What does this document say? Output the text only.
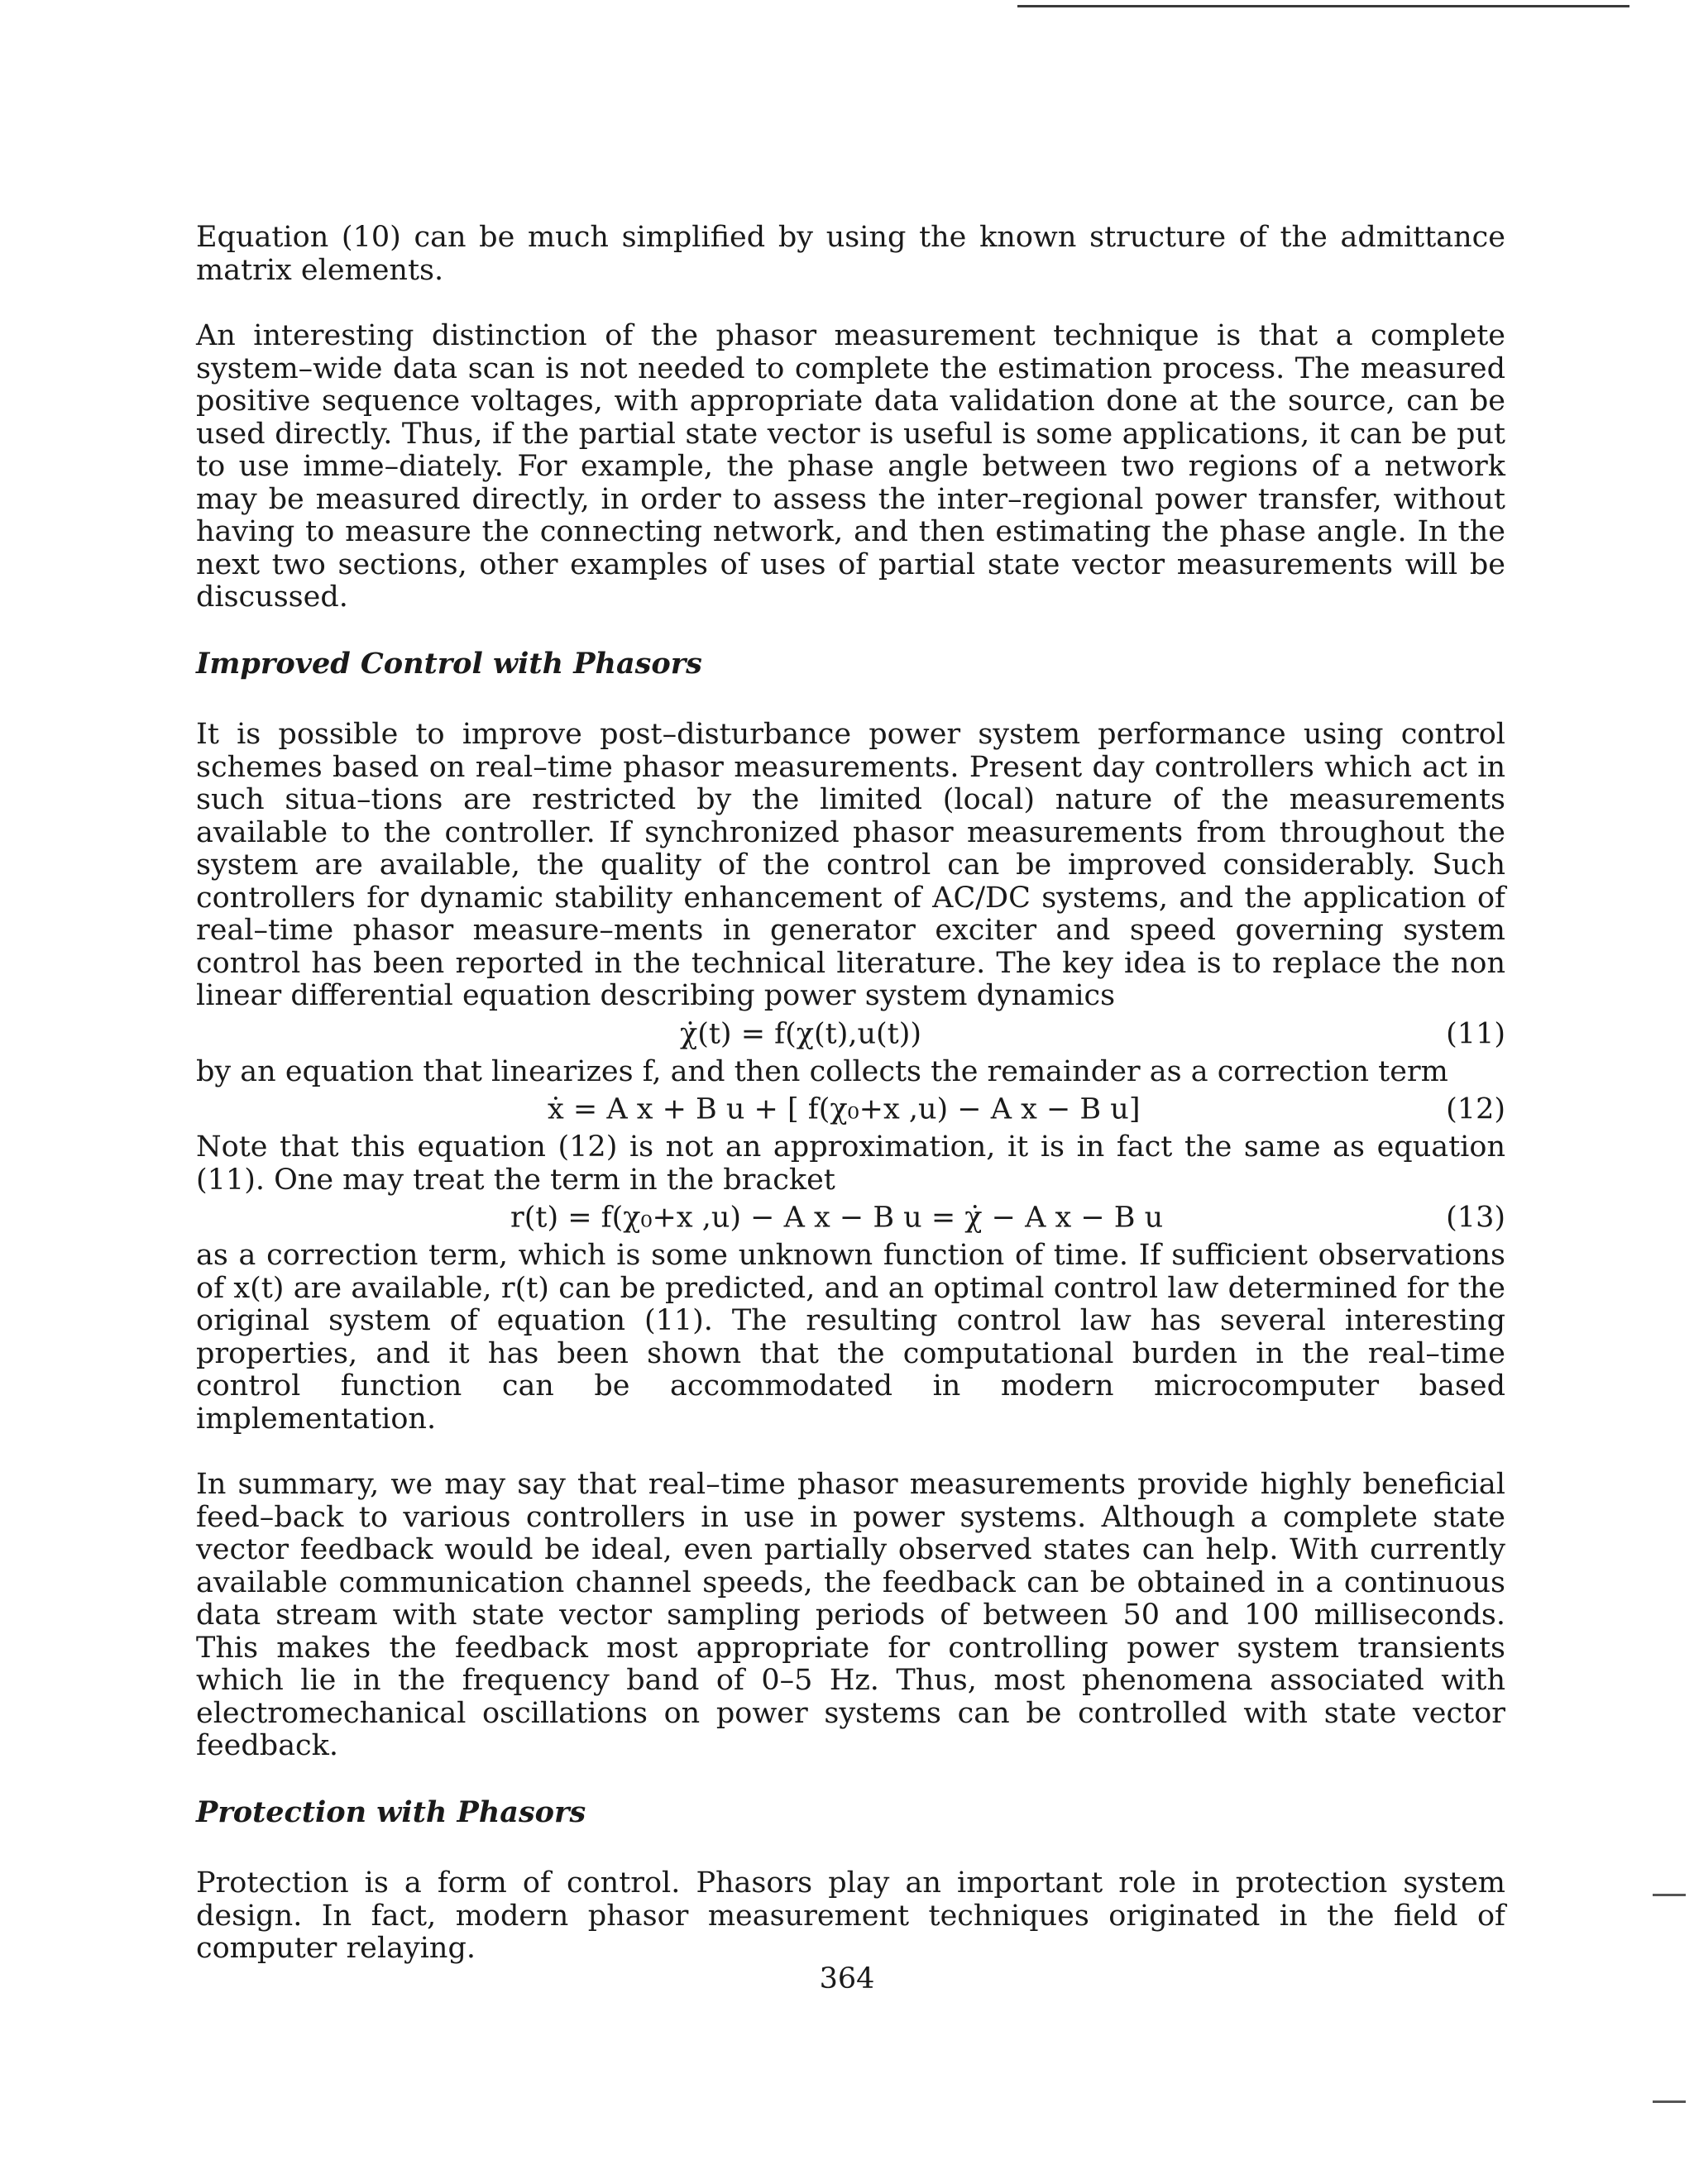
Equation (10) can be much simplified by using the known structure of the admittance matrix elements.

An interesting distinction of the phasor measurement technique is that a complete system–wide data scan is not needed to complete the estimation process. The measured positive sequence voltages, with appropriate data validation done at the source, can be used directly. Thus, if the partial state vector is useful is some applications, it can be put to use imme–diately. For example, the phase angle between two regions of a network may be measured directly, in order to assess the inter–regional power transfer, without having to measure the connecting network, and then estimating the phase angle. In the next two sections, other examples of uses of partial state vector measurements will be discussed.

Improved Control with Phasors

It is possible to improve post–disturbance power system performance using control schemes based on real–time phasor measurements. Present day controllers which act in such situa–tions are restricted by the limited (local) nature of the measurements available to the controller. If synchronized phasor measurements from throughout the system are available, the quality of the control can be improved considerably. Such controllers for dynamic stability enhancement of AC/DC systems, and the application of real–time phasor measure–ments in generator exciter and speed governing system control has been reported in the technical literature. The key idea is to replace the non linear differential equation describing power system dynamics

χ̇(t) = f(χ(t),u(t))	(11)

by an equation that linearizes f, and then collects the remainder as a correction term

ẋ = A x + B u + [ f(χ₀+x ,u) − A x − B u]	(12)

Note that this equation (12) is not an approximation, it is in fact the same as equation (11). One may treat the term in the bracket

r(t) = f(χ₀+x ,u) − A x − B u = χ̇ − A x − B u	(13)

as a correction term, which is some unknown function of time. If sufficient observations of x(t) are available, r(t) can be predicted, and an optimal control law determined for the original system of equation (11). The resulting control law has several interesting properties, and it has been shown that the computational burden in the real–time control function can be accommodated in modern microcomputer based implementation.

In summary, we may say that real–time phasor measurements provide highly beneficial feed–back to various controllers in use in power systems. Although a complete state vector feedback would be ideal, even partially observed states can help. With currently available communication channel speeds, the feedback can be obtained in a continuous data stream with state vector sampling periods of between 50 and 100 milliseconds. This makes the feedback most appropriate for controlling power system transients which lie in the frequency band of 0–5 Hz. Thus, most phenomena associated with electromechanical oscillations on power systems can be controlled with state vector feedback.

Protection with Phasors

Protection is a form of control. Phasors play an important role in protection system design. In fact, modern phasor measurement techniques originated in the field of computer relaying.

364
